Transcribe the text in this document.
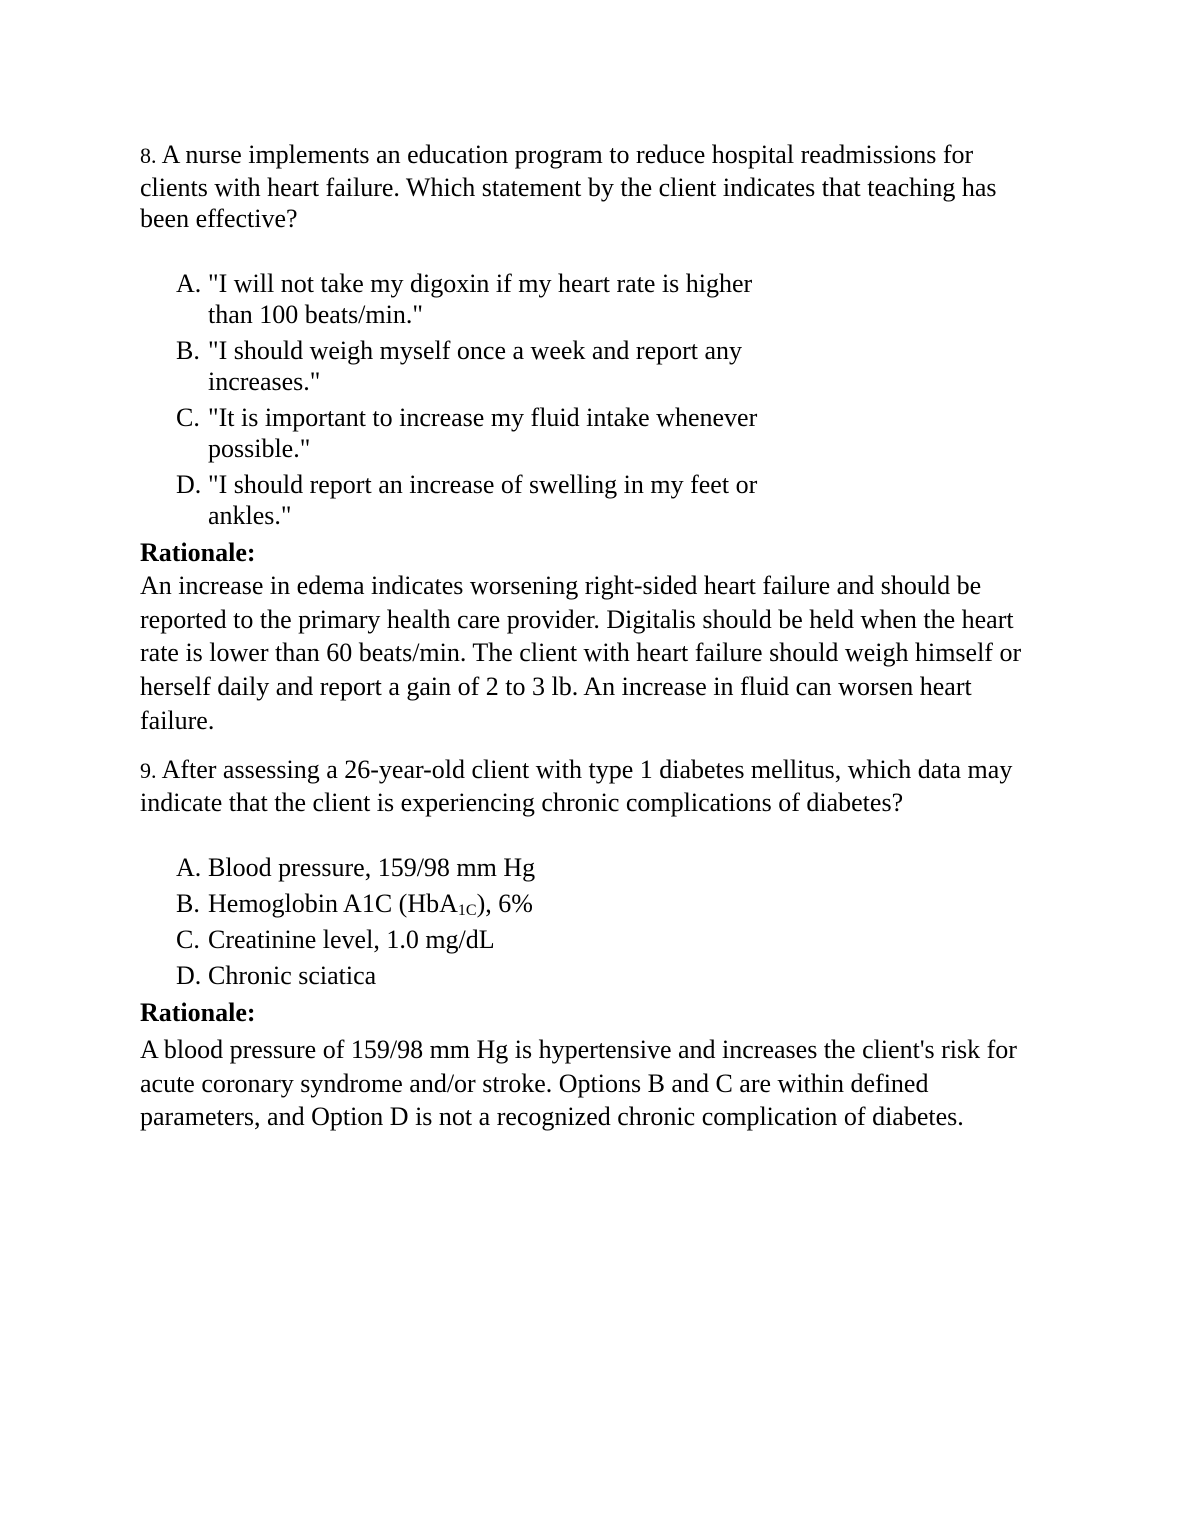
8. A nurse implements an education program to reduce hospital readmissions for clients with heart failure. Which statement by the client indicates that teaching has been effective?
A. "I will not take my digoxin if my heart rate is higher than 100 beats/min."
B. "I should weigh myself once a week and report any increases."
C. "It is important to increase my fluid intake whenever possible."
D. "I should report an increase of swelling in my feet or ankles."
Rationale:
An increase in edema indicates worsening right-sided heart failure and should be reported to the primary health care provider. Digitalis should be held when the heart rate is lower than 60 beats/min. The client with heart failure should weigh himself or herself daily and report a gain of 2 to 3 lb. An increase in fluid can worsen heart failure.
9. After assessing a 26-year-old client with type 1 diabetes mellitus, which data may indicate that the client is experiencing chronic complications of diabetes?
A. Blood pressure, 159/98 mm Hg
B. Hemoglobin A1C (HbA$_{1C}$), 6%
C. Creatinine level, 1.0 mg/dL
D. Chronic sciatica
Rationale:
A blood pressure of 159/98 mm Hg is hypertensive and increases the client's risk for acute coronary syndrome and/or stroke. Options B and C are within defined parameters, and Option D is not a recognized chronic complication of diabetes.
